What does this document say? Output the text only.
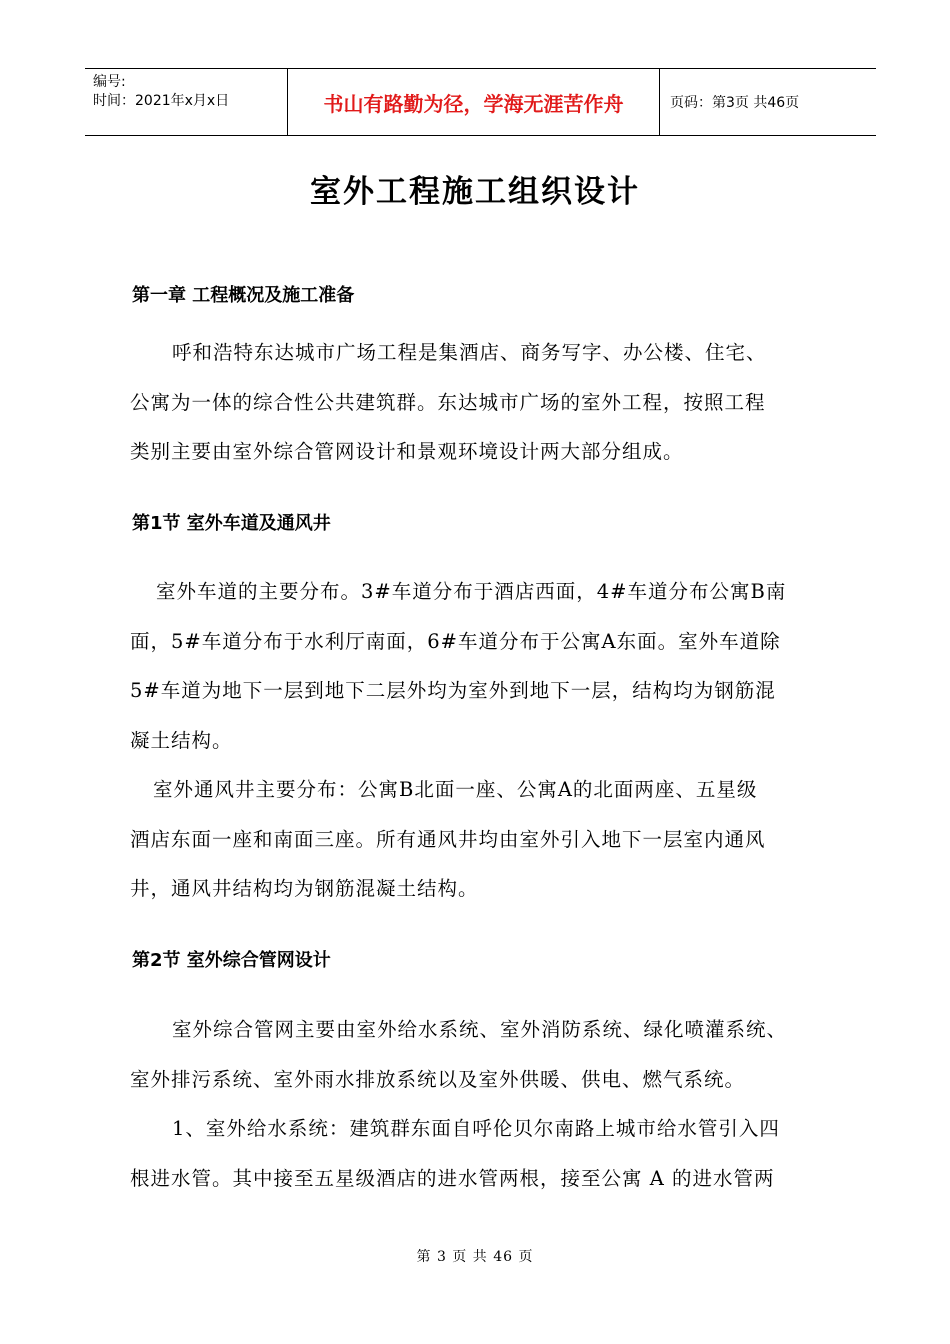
编号:
时间：2021年x月x日	书山有路勤为径，学海无涯苦作舟	页码：第3页 共46页
室外工程施工组织设计
第一章 工程概况及施工准备
呼和浩特东达城市广场工程是集酒店、商务写字、办公楼、住宅、
公寓为一体的综合性公共建筑群。东达城市广场的室外工程，按照工程
类别主要由室外综合管网设计和景观环境设计两大部分组成。
第1节 室外车道及通风井
室外车道的主要分布。3#车道分布于酒店西面，4#车道分布公寓B南
面，5#车道分布于水利厅南面，6#车道分布于公寓A东面。室外车道除
5#车道为地下一层到地下二层外均为室外到地下一层，结构均为钢筋混
凝土结构。
室外通风井主要分布：公寓B北面一座、公寓A的北面两座、五星级
酒店东面一座和南面三座。所有通风井均由室外引入地下一层室内通风
井，通风井结构均为钢筋混凝土结构。
第2节 室外综合管网设计
室外综合管网主要由室外给水系统、室外消防系统、绿化喷灌系统、
室外排污系统、室外雨水排放系统以及室外供暖、供电、燃气系统。
1、室外给水系统：建筑群东面自呼伦贝尔南路上城市给水管引入四
根进水管。其中接至五星级酒店的进水管两根，接至公寓 A 的进水管两
第 3 页 共 46 页
